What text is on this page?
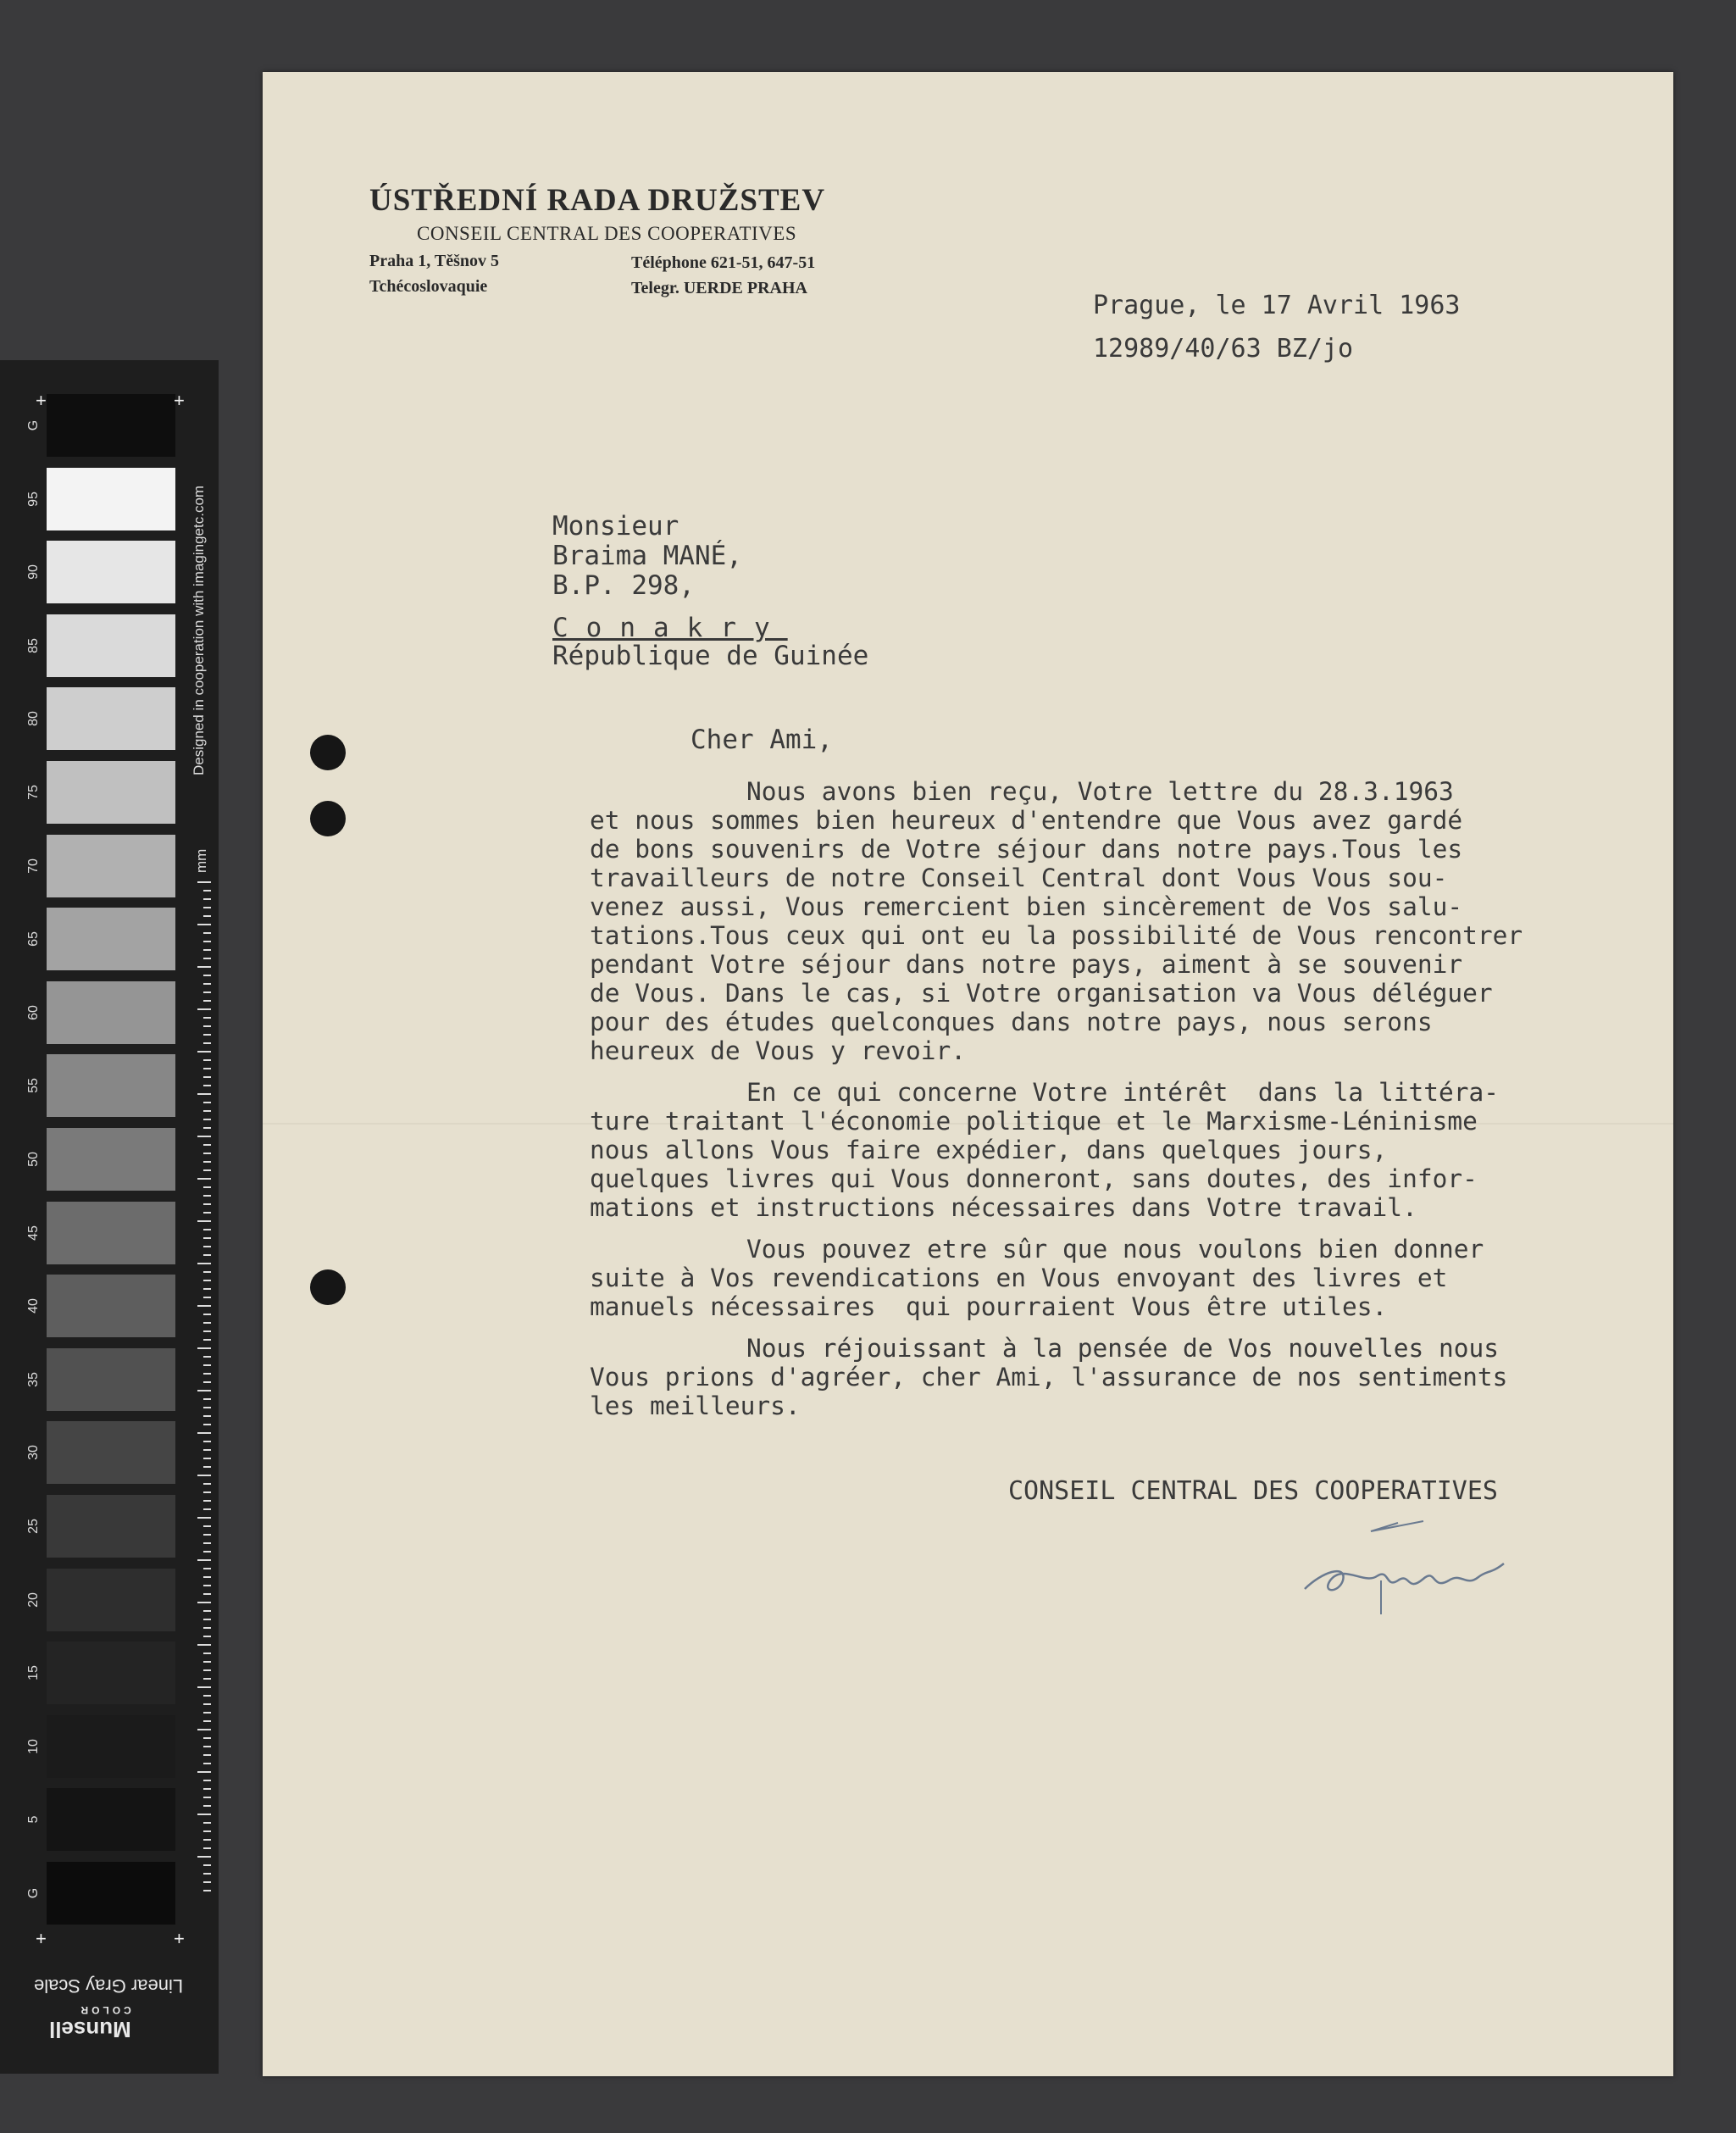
G
95
90
85
80
75
70
65
60
55
50
45
40
35
30
25
20
15
10
5
G
Designed in cooperation with imagingetc.com
mm
+	+
+	+
Linear Gray Scale
Munsell
COLOR
ÚSTŘEDNÍ RADA DRUŽSTEV
CONSEIL CENTRAL DES COOPERATIVES
Praha 1, Těšnov 5
Tchécoslovaquie
Téléphone 621-51, 647-51
Telegr. UERDE PRAHA
Prague, le 17 Avril 1963
12989/40/63 BZ/jo
Monsieur
Braima MANÉ,
B.P. 298,
Conakry
République de Guinée
Cher Ami,
Nous avons bien reçu, Votre lettre du 28.3.1963
et nous sommes bien heureux d'entendre que Vous avez gardé
de bons souvenirs de Votre séjour dans notre pays.Tous les
travailleurs de notre Conseil Central dont Vous Vous sou-
venez aussi, Vous remercient bien sincèrement de Vos salu-
tations.Tous ceux qui ont eu la possibilité de Vous rencontrer
pendant Votre séjour dans notre pays, aiment à se souvenir
de Vous. Dans le cas, si Votre organisation va Vous déléguer
pour des études quelconques dans notre pays, nous serons
heureux de Vous y revoir.
En ce qui concerne Votre intérêt  dans la littéra-
ture traitant l'économie politique et le Marxisme-Léninisme
nous allons Vous faire expédier, dans quelques jours,
quelques livres qui Vous donneront, sans doutes, des infor-
mations et instructions nécessaires dans Votre travail.
Vous pouvez etre sûr que nous voulons bien donner
suite à Vos revendications en Vous envoyant des livres et
manuels nécessaires  qui pourraient Vous être utiles.
Nous réjouissant à la pensée de Vos nouvelles nous
Vous prions d'agréer, cher Ami, l'assurance de nos sentiments
les meilleurs.
CONSEIL CENTRAL DES COOPERATIVES
